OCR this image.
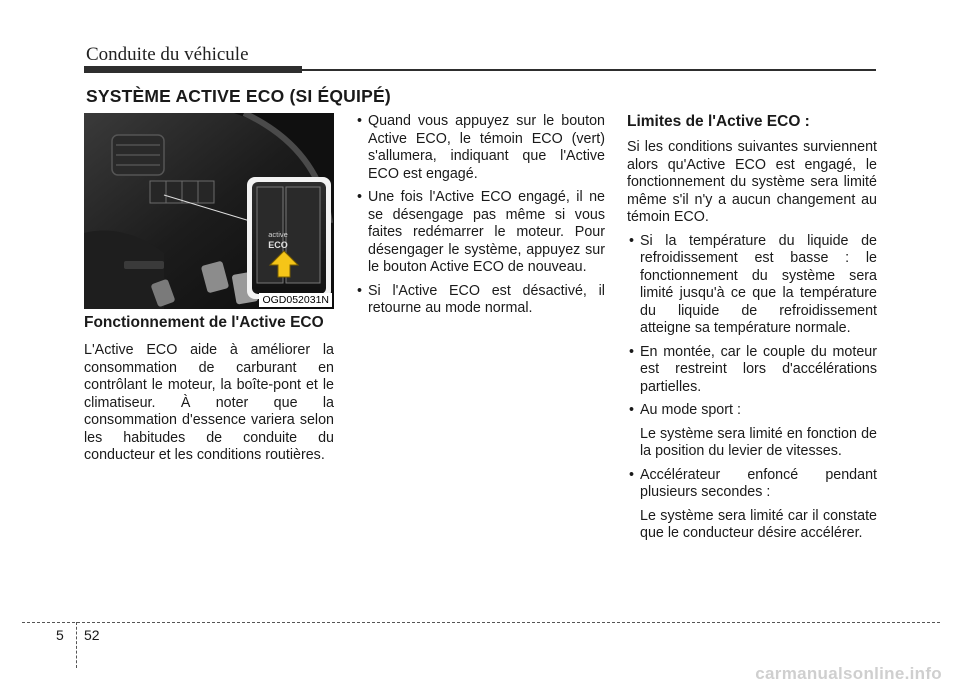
Conduite du véhicule
SYSTÈME ACTIVE ECO (SI ÉQUIPÉ)
active
ECO
OGD052031N
Fonctionnement de l'Active ECO

L'Active ECO aide à améliorer la consommation de carburant en contrôlant le moteur, la boîte-pont et le climatiseur. À noter que la consommation d'essence variera selon les habitudes de conduite du conducteur et les conditions routières.

• Quand vous appuyez sur le bouton Active ECO, le témoin ECO (vert) s'allumera, indiquant que l'Active ECO est engagé.
• Une fois l'Active ECO engagé, il ne se désengage pas même si vous faites redémarrer le moteur. Pour désengager le système, appuyez sur le bouton Active ECO de nouveau.
• Si l'Active ECO est désactivé, il retourne au mode normal.
Limites de l'Active ECO :

Si les conditions suivantes surviennent alors qu'Active ECO est engagé, le fonctionnement du système sera limité même s'il n'y a aucun changement au témoin ECO.

• Si la température du liquide de refroidissement est basse : le fonctionnement du système sera limité jusqu'à ce que la température du liquide de refroidissement atteigne sa température normale.
• En montée, car le couple du moteur est restreint lors d'accélérations partielles.
• Au mode sport :
Le système sera limité en fonction de la position du levier de vitesses.
• Accélérateur enfoncé pendant plusieurs secondes :
Le système sera limité car il constate que le conducteur désire accélérer.
5 52
carmanualsonline.info
